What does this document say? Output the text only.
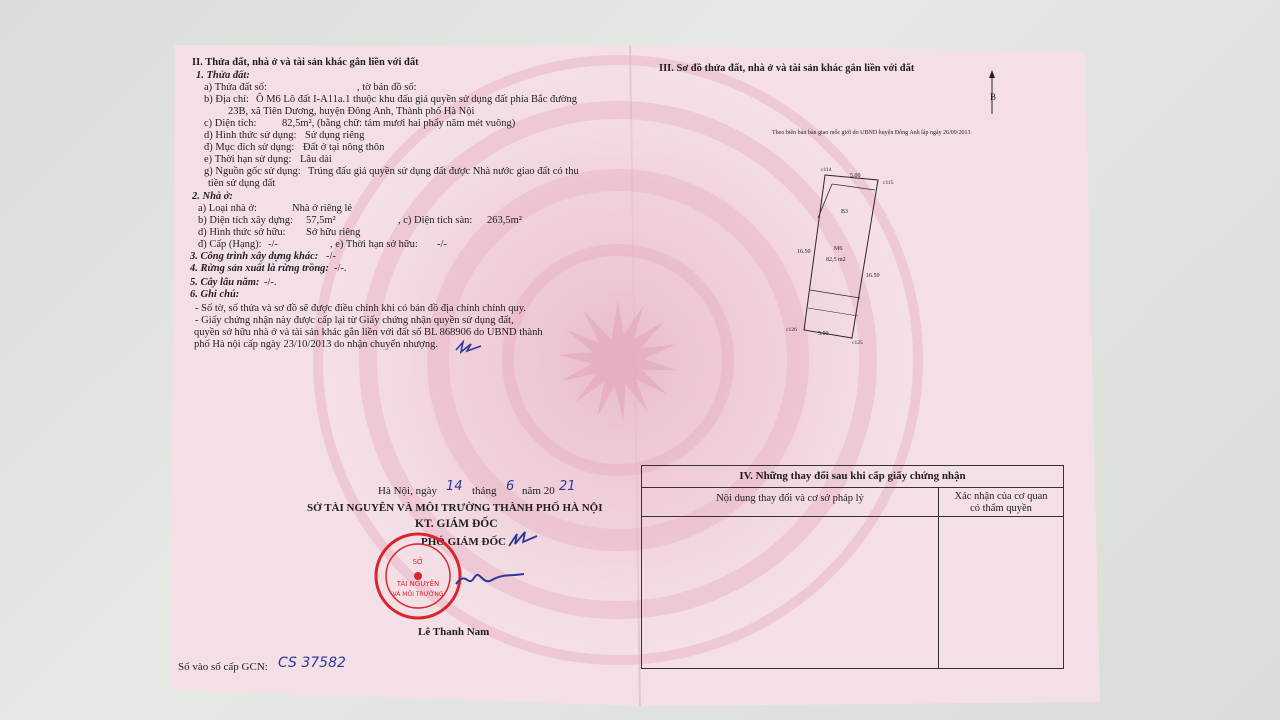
II. Thửa đất, nhà ở và tài sản khác gắn liền với đất
1. Thửa đất:
a) Thửa đất số:	, tờ bản đồ số:
b) Địa chỉ: Ô M6 Lô đất I-A11a.1 thuộc khu đấu giá quyền sử dụng đất phía Bắc đường
23B, xã Tiên Dương, huyện Đông Anh, Thành phố Hà Nội
c) Diện tích: 82,5m², (bằng chữ: tám mươi hai phẩy năm mét vuông)
d) Hình thức sử dụng: Sử dụng riêng
đ) Mục đích sử dụng: Đất ở tại nông thôn
e) Thời hạn sử dụng: Lâu dài
g) Nguồn gốc sử dụng: Trúng đấu giá quyền sử dụng đất được Nhà nước giao đất có thu
tiền sử dụng đất
2. Nhà ở:
a) Loại nhà ở:	Nhà ở riêng lẻ
b) Diện tích xây dựng: 57,5m²	, c) Diện tích sàn: 263,5m²
d) Hình thức sở hữu: Sở hữu riêng
đ) Cấp (Hạng): -/-	, e) Thời hạn sở hữu: -/-
3. Công trình xây dựng khác: -/-
4. Rừng sản xuất là rừng trồng: -/-.
5. Cây lâu năm: -/-.
6. Ghi chú:
- Số tờ, số thửa và sơ đồ sẽ được điều chỉnh khi có bản đồ địa chính chính quy.
- Giấy chứng nhận này được cấp lại từ Giấy chứng nhận quyền sử dụng đất,
quyền sở hữu nhà ở và tài sản khác gắn liền với đất số BL 868906 do UBND thành
phố Hà nội cấp ngày 23/10/2013 do nhận chuyển nhượng.
Hà Nội, ngày 14 tháng 6 năm 20 21
SỞ TÀI NGUYÊN VÀ MÔI TRƯỜNG THÀNH PHỐ HÀ NỘI
KT. GIÁM ĐỐC
PHÓ GIÁM ĐỐC
SỞ
TÀI NGUYÊN
VÀ MÔI TRƯỜNG
Lê Thanh Nam
Số vào sổ cấp GCN: CS 37582
III. Sơ đồ thửa đất, nhà ở và tài sản khác gắn liền với đất
B
Theo biên bản bàn giao mốc giới do UBND huyện Đông Anh lập ngày 26/09/2013
c114
5.00
c115
B3
16.50	M6
82,5 m2
16.50
c126
5.00
c125
IV. Những thay đổi sau khi cấp giấy chứng nhận
Nội dung thay đổi và cơ sở pháp lý	Xác nhận của cơ quan
có thẩm quyền
